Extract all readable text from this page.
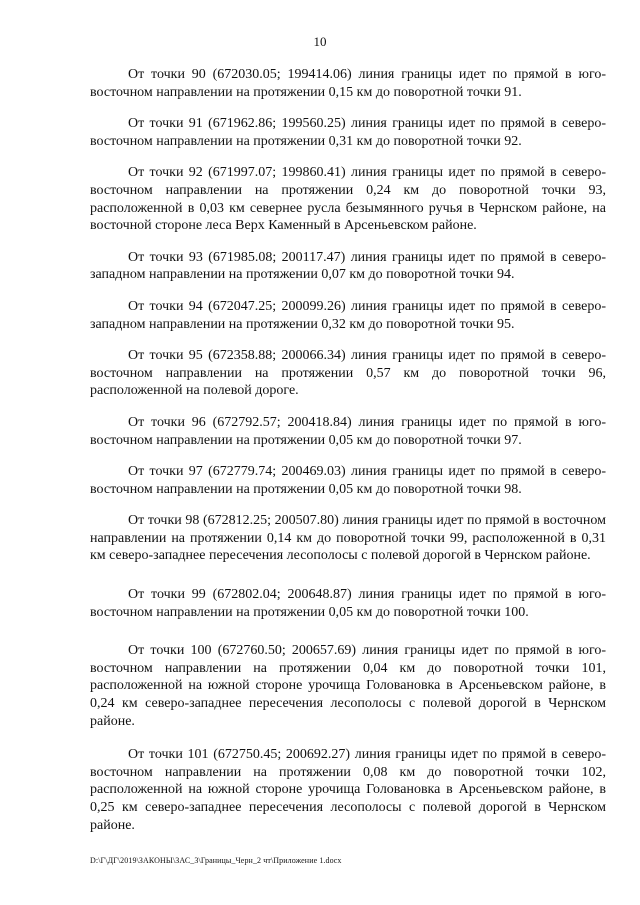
10

От точки 90 (672030.05; 199414.06) линия границы идет по прямой в юго-восточном направлении на протяжении 0,15 км до поворотной точки 91.

От точки 91 (671962.86; 199560.25) линия границы идет по прямой в северо-восточном направлении на протяжении 0,31 км до поворотной точки 92.

От точки 92 (671997.07; 199860.41) линия границы идет по прямой в северо-восточном направлении на протяжении 0,24 км до поворотной точки 93, расположенной в 0,03 км севернее русла безымянного ручья в Чернском районе, на восточной стороне леса Верх Каменный в Арсеньевском районе.

От точки 93 (671985.08; 200117.47) линия границы идет по прямой в северо-западном направлении на протяжении 0,07 км до поворотной точки 94.

От точки 94 (672047.25; 200099.26) линия границы идет по прямой в северо-западном направлении на протяжении 0,32 км до поворотной точки 95.

От точки 95 (672358.88; 200066.34) линия границы идет по прямой в северо-восточном направлении на протяжении 0,57 км до поворотной точки 96, расположенной на полевой дороге.

От точки 96 (672792.57; 200418.84) линия границы идет по прямой в юго-восточном направлении на протяжении 0,05 км до поворотной точки 97.

От точки 97 (672779.74; 200469.03) линия границы идет по прямой в северо-восточном направлении на протяжении 0,05 км до поворотной точки 98.

От точки 98 (672812.25; 200507.80) линия границы идет по прямой в восточном направлении на протяжении 0,14 км до поворотной точки 99, расположенной в 0,31 км северо-западнее пересечения лесополосы с полевой дорогой в Чернском районе.

От точки 99 (672802.04; 200648.87) линия границы идет по прямой в юго-восточном направлении на протяжении 0,05 км до поворотной точки 100.

От точки 100 (672760.50; 200657.69) линия границы идет по прямой в юго-восточном направлении на протяжении 0,04 км до поворотной точки 101, расположенной на южной стороне урочища Головановка в Арсеньевском районе, в 0,24 км северо-западнее пересечения лесополосы с полевой дорогой в Чернском районе.

От точки 101 (672750.45; 200692.27) линия границы идет по прямой в северо-восточном направлении на протяжении 0,08 км до поворотной точки 102, расположенной на южной стороне урочища Головановка в Арсеньевском районе, в 0,25 км северо-западнее пересечения лесополосы с полевой дорогой в Чернском районе.

D:\Г\ДГ\2019\ЗАКОНЫ\ЗАС_3\Границы_Черн_2 чт\Приложение 1.docx
